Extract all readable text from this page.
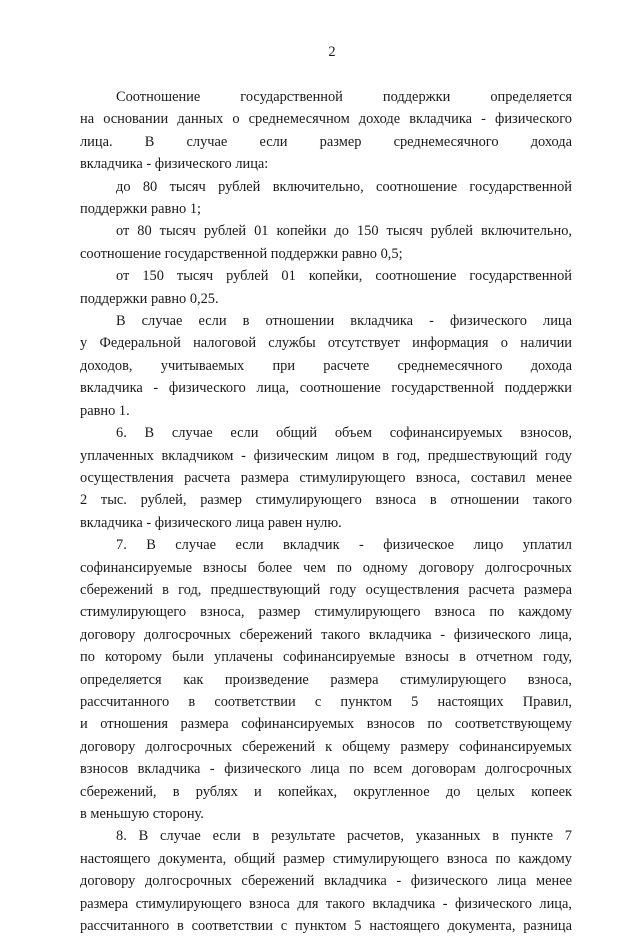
2
Соотношение государственной поддержки определяется
на основании данных о среднемесячном доходе вкладчика - физического
лица. В случае если размер среднемесячного дохода
вкладчика - физического лица:
до 80 тысяч рублей включительно, соотношение государственной
поддержки равно 1;
от 80 тысяч рублей 01 копейки до 150 тысяч рублей включительно,
соотношение государственной поддержки равно 0,5;
от 150 тысяч рублей 01 копейки, соотношение государственной
поддержки равно 0,25.
В случае если в отношении вкладчика - физического лица
у Федеральной налоговой службы отсутствует информация о наличии
доходов, учитываемых при расчете среднемесячного дохода
вкладчика - физического лица, соотношение государственной поддержки
равно 1.
6. В случае если общий объем софинансируемых взносов,
уплаченных вкладчиком - физическим лицом в год, предшествующий году
осуществления расчета размера стимулирующего взноса, составил менее
2 тыс. рублей, размер стимулирующего взноса в отношении такого
вкладчика - физического лица равен нулю.
7. В случае если вкладчик - физическое лицо уплатил
софинансируемые взносы более чем по одному договору долгосрочных
сбережений в год, предшествующий году осуществления расчета размера
стимулирующего взноса, размер стимулирующего взноса по каждому
договору долгосрочных сбережений такого вкладчика - физического лица,
по которому были уплачены софинансируемые взносы в отчетном году,
определяется как произведение размера стимулирующего взноса,
рассчитанного в соответствии с пунктом 5 настоящих Правил,
и отношения размера софинансируемых взносов по соответствующему
договору долгосрочных сбережений к общему размеру софинансируемых
взносов вкладчика - физического лица по всем договорам долгосрочных
сбережений, в рублях и копейках, округленное до целых копеек
в меньшую сторону.
8. В случае если в результате расчетов, указанных в пункте 7
настоящего документа, общий размер стимулирующего взноса по каждому
договору долгосрочных сбережений вкладчика - физического лица менее
размера стимулирующего взноса для такого вкладчика - физического лица,
рассчитанного в соответствии с пунктом 5 настоящего документа, разница
